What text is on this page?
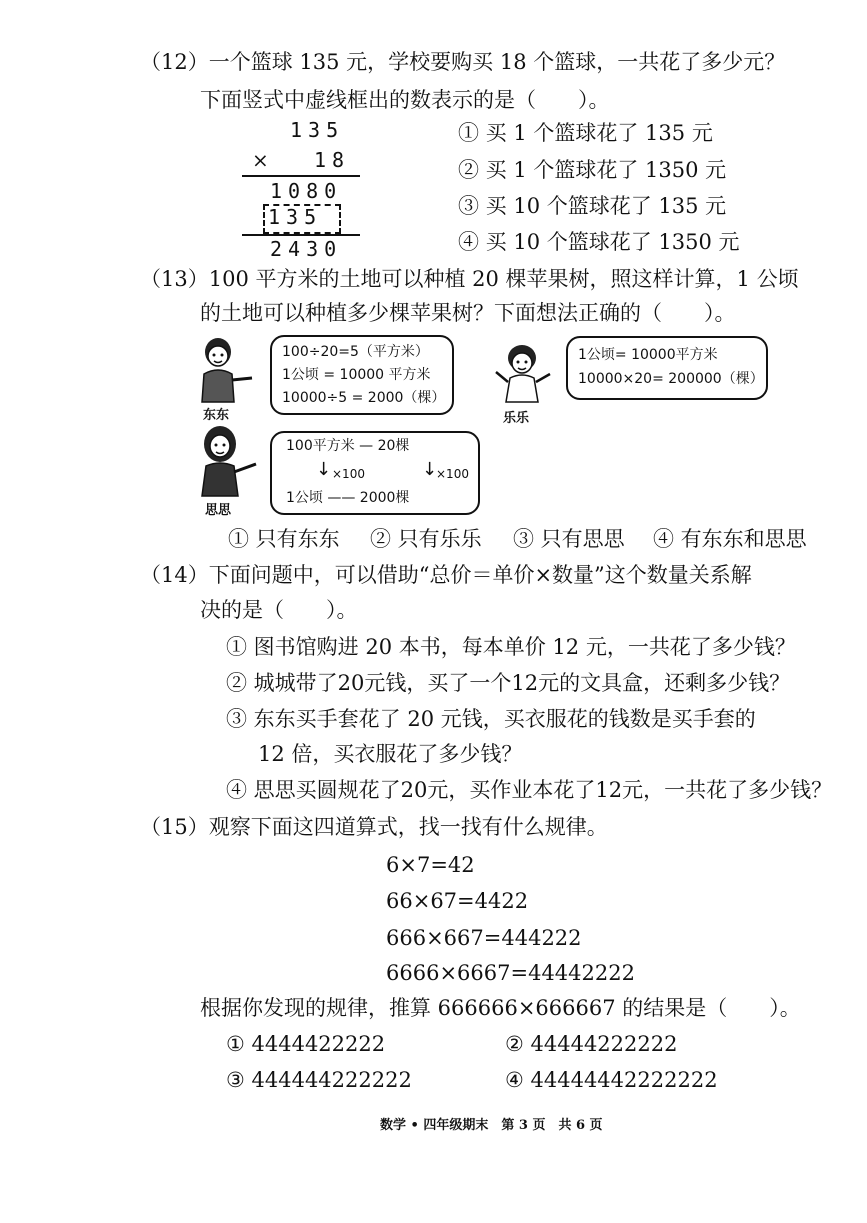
（12）一个篮球 135 元，学校要购买 18 个篮球，一共花了多少元？
下面竖式中虚线框出的数表示的是（　　）。
135
× 18
1080
135
2430
① 买 1 个篮球花了 135 元
② 买 1 个篮球花了 1350 元
③ 买 10 个篮球花了 135 元
④ 买 10 个篮球花了 1350 元
（13）100 平方米的土地可以种植 20 棵苹果树，照这样计算，1 公顷
的土地可以种植多少棵苹果树？下面想法正确的（　　）。
东东
100÷20=5（平方米）
1公顷 = 10000 平方米
10000÷5 = 2000（棵）
乐乐
1公顷= 10000平方米
10000×20= 200000（棵）
思思
100平方米 — 20棵
↓ ×100	↓
×100
1公顷 —— 2000棵
① 只有东东 ② 只有乐乐 ③ 只有思思 ④ 有东东和思思
（14）下面问题中，可以借助“总价＝单价×数量”这个数量关系解
决的是（　　）。
① 图书馆购进 20 本书，每本单价 12 元，一共花了多少钱？
② 城城带了20元钱，买了一个12元的文具盒，还剩多少钱？
③ 东东买手套花了 20 元钱，买衣服花的钱数是买手套的
12 倍，买衣服花了多少钱？
④ 思思买圆规花了20元，买作业本花了12元，一共花了多少钱？
（15）观察下面这四道算式，找一找有什么规律。
6×7=42
66×67=4422
666×667=444222
6666×6667=44442222
根据你发现的规律，推算 666666×666667 的结果是（　　）。
① 4444422222	② 44444222222
③ 444444222222	④ 44444442222222
数学 • 四年级期末　第 3 页　共 6 页
